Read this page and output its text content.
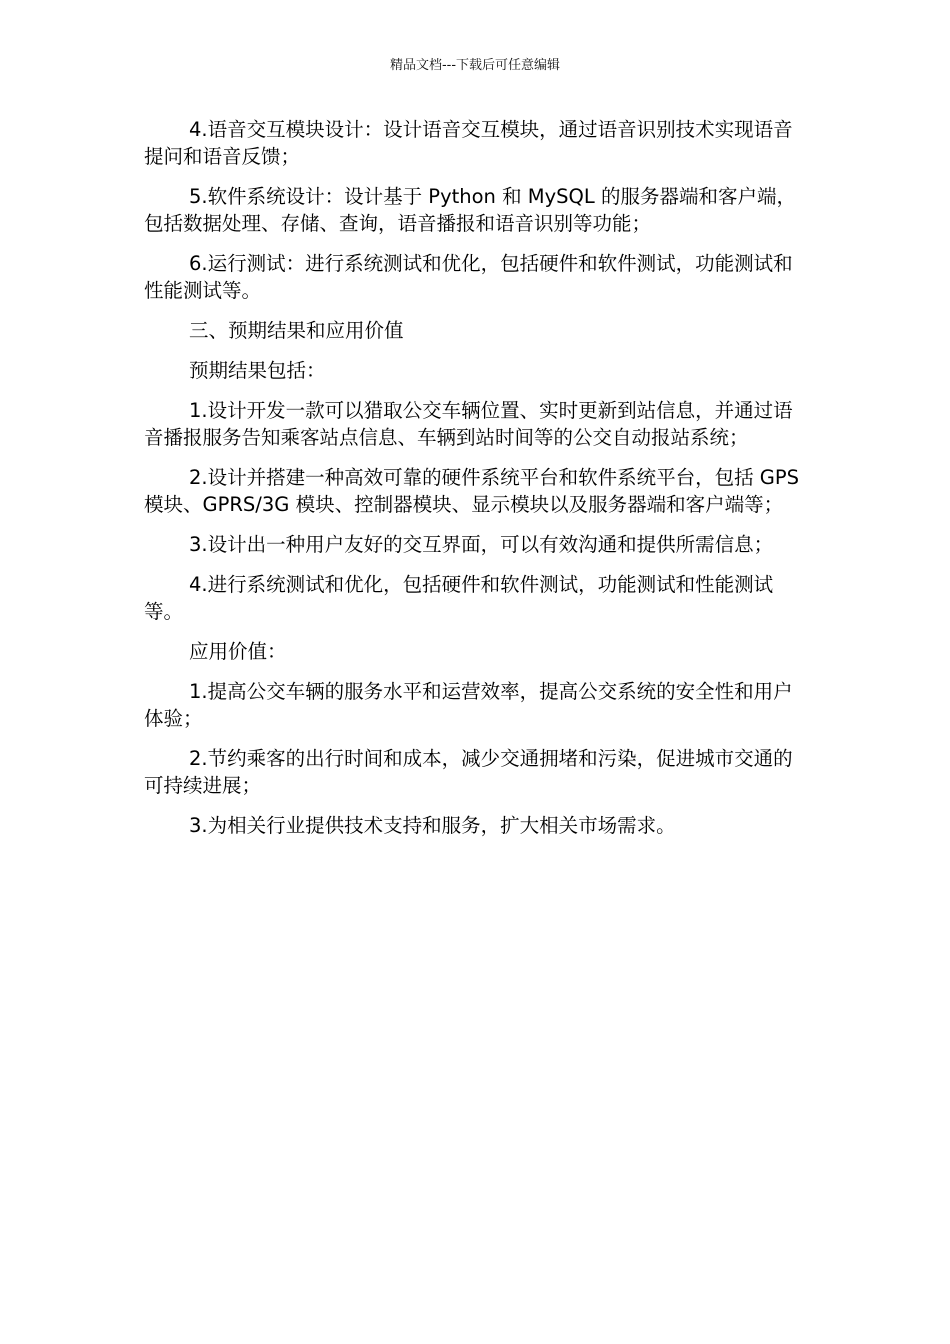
精品文档---下载后可任意编辑

4.语音交互模块设计：设计语音交互模块，通过语音识别技术实现语音提问和语音反馈；

5.软件系统设计：设计基于 Python 和 MySQL 的服务器端和客户端，包括数据处理、存储、查询，语音播报和语音识别等功能；

6.运行测试：进行系统测试和优化，包括硬件和软件测试，功能测试和性能测试等。

三、预期结果和应用价值

预期结果包括：

1.设计开发一款可以猎取公交车辆位置、实时更新到站信息，并通过语音播报服务告知乘客站点信息、车辆到站时间等的公交自动报站系统；

2.设计并搭建一种高效可靠的硬件系统平台和软件系统平台，包括 GPS 模块、GPRS/3G 模块、控制器模块、显示模块以及服务器端和客户端等；

3.设计出一种用户友好的交互界面，可以有效沟通和提供所需信息；

4.进行系统测试和优化，包括硬件和软件测试，功能测试和性能测试等。

应用价值：

1.提高公交车辆的服务水平和运营效率，提高公交系统的安全性和用户体验；

2.节约乘客的出行时间和成本，减少交通拥堵和污染，促进城市交通的可持续进展；

3.为相关行业提供技术支持和服务，扩大相关市场需求。
